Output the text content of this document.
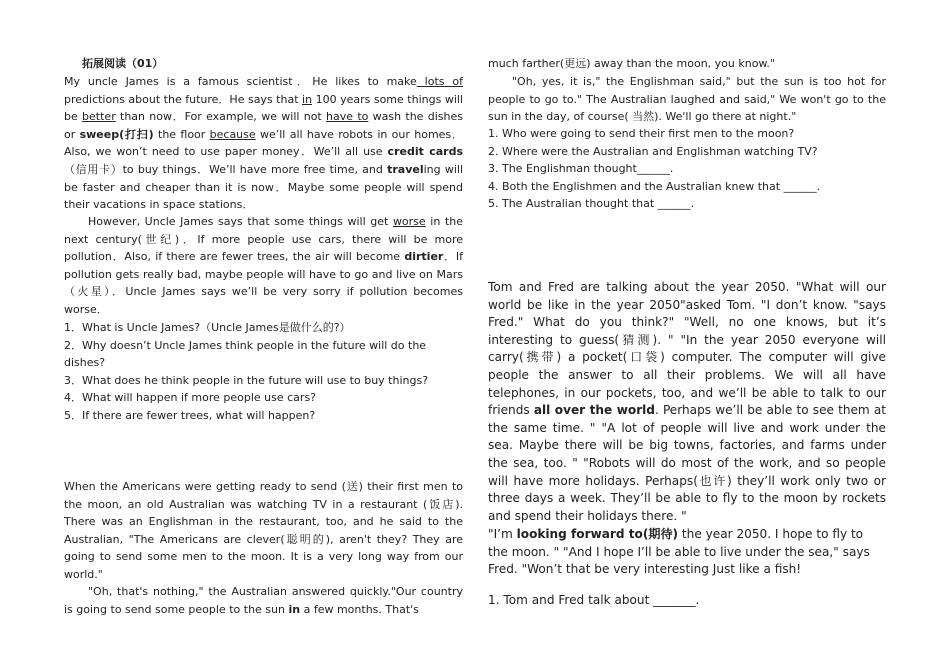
拓展阅读（01）

My uncle James is a famous scientist．He likes to make lots of predictions about the future．He says that in 100 years some things will be better than now．For example, we will not have to wash the dishes or sweep(打扫) the floor because we’ll all have robots in our homes．Also, we won’t need to use paper money．We’ll all use credit cards（信用卡）to buy things．We’ll have more free time, and traveling will be faster and cheaper than it is now．Maybe some people will spend their vacations in space stations．

However, Uncle James says that some things will get worse in the next century(世纪)．If more people use cars, there will be more pollution．Also, if there are fewer trees, the air will become dirtier．If pollution gets really bad, maybe people will have to go and live on Mars（火星）．Uncle James says we’ll be very sorry if pollution becomes worse．

1．What is Uncle James?（Uncle James是做什么的?）

2．Why doesn’t Uncle James think people in the future will do the dishes?

3．What does he think people in the future will use to buy things?

4．What will happen if more people use cars?

5．If there are fewer trees, what will happen?

When the Americans were getting ready to send (送) their first men to the moon, an old Australian was watching TV in a restaurant (饭店). There was an Englishman in the restaurant, too, and he said to the Australian, "The Americans are clever(聪明的), aren't they? They are going to send some men to the moon. It is a very long way from our world."

"Oh, that's nothing," the Australian answered quickly."Our country is going to send some people to the sun in a few months. That's

much farther(更远) away than the moon, you know."

"Oh, yes, it is," the Englishman said," but the sun is too hot for people to go to." The Australian laughed and said," We won't go to the sun in the day, of course( 当然). We'll go there at night."

1. Who were going to send their first men to the moon?

2. Where were the Australian and Englishman watching TV?

3. The Englishman thought______.

4. Both the Englishmen and the Australian knew that ______.

5. The Australian thought that ______.

Tom and Fred are talking about the year 2050. "What will our world be like in the year 2050"asked Tom. "I don’t know. "says Fred." What do you think?" "Well, no one knows, but it’s interesting to guess(猜测). " "In the year 2050 everyone will carry(携带) a pocket(口袋) computer. The computer will give people the answer to all their problems. We will all have telephones, in our pockets, too, and we’ll be able to talk to our friends all over the world. Perhaps we’ll be able to see them at the same time. " "A lot of people will live and work under the sea. Maybe there will be big towns, factories, and farms under the sea, too. " "Robots will do most of the work, and so people will have more holidays. Perhaps(也许) they’ll work only two or three days a week. They’ll be able to fly to the moon by rockets and spend their holidays there. "

"I’m looking forward to(期待) the year 2050. I hope to fly to the moon. " "And I hope I’ll be able to live under the sea," says Fred. "Won’t that be very interesting Just like a fish!

1. Tom and Fred talk about _______.
